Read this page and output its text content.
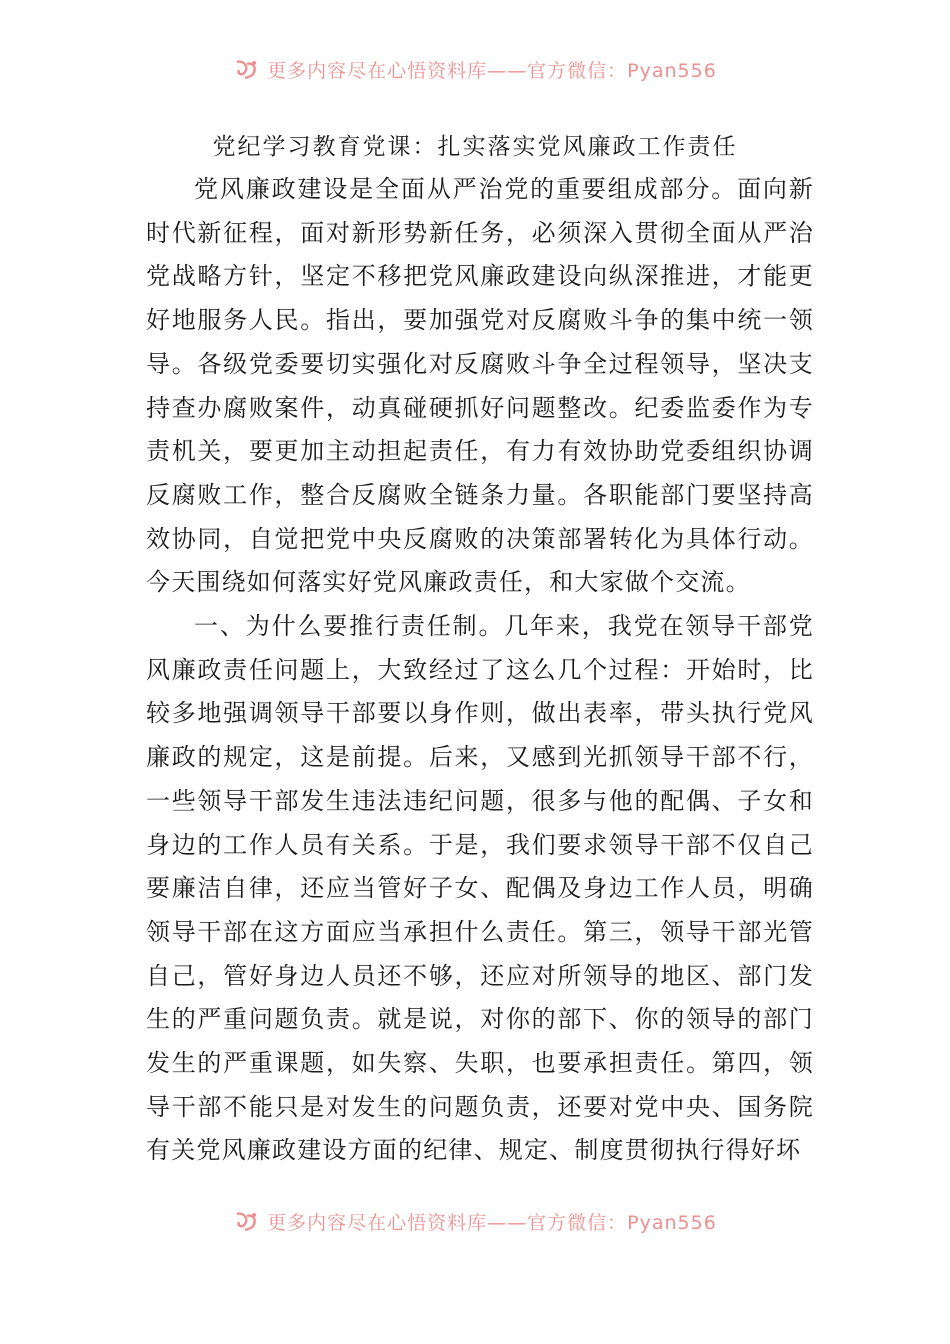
更多内容尽在心悟资料库——官方微信：Pyan556
党纪学习教育党课：扎实落实党风廉政工作责任

党风廉政建设是全面从严治党的重要组成部分。面向新时代新征程，面对新形势新任务，必须深入贯彻全面从严治党战略方针，坚定不移把党风廉政建设向纵深推进，才能更好地服务人民。指出，要加强党对反腐败斗争的集中统一领导。各级党委要切实强化对反腐败斗争全过程领导，坚决支持查办腐败案件，动真碰硬抓好问题整改。纪委监委作为专责机关，要更加主动担起责任，有力有效协助党委组织协调反腐败工作，整合反腐败全链条力量。各职能部门要坚持高效协同，自觉把党中央反腐败的决策部署转化为具体行动。今天围绕如何落实好党风廉政责任，和大家做个交流。

一、为什么要推行责任制。几年来，我党在领导干部党风廉政责任问题上，大致经过了这么几个过程：开始时，比较多地强调领导干部要以身作则，做出表率，带头执行党风廉政的规定，这是前提。后来，又感到光抓领导干部不行，一些领导干部发生违法违纪问题，很多与他的配偶、子女和身边的工作人员有关系。于是，我们要求领导干部不仅自己要廉洁自律，还应当管好子女、配偶及身边工作人员，明确领导干部在这方面应当承担什么责任。第三，领导干部光管自己，管好身边人员还不够，还应对所领导的地区、部门发生的严重问题负责。就是说，对你的部下、你的领导的部门发生的严重课题，如失察、失职，也要承担责任。第四，领导干部不能只是对发生的问题负责，还要对党中央、国务院有关党风廉政建设方面的纪律、规定、制度贯彻执行得好坏

更多内容尽在心悟资料库——官方微信：Pyan556
